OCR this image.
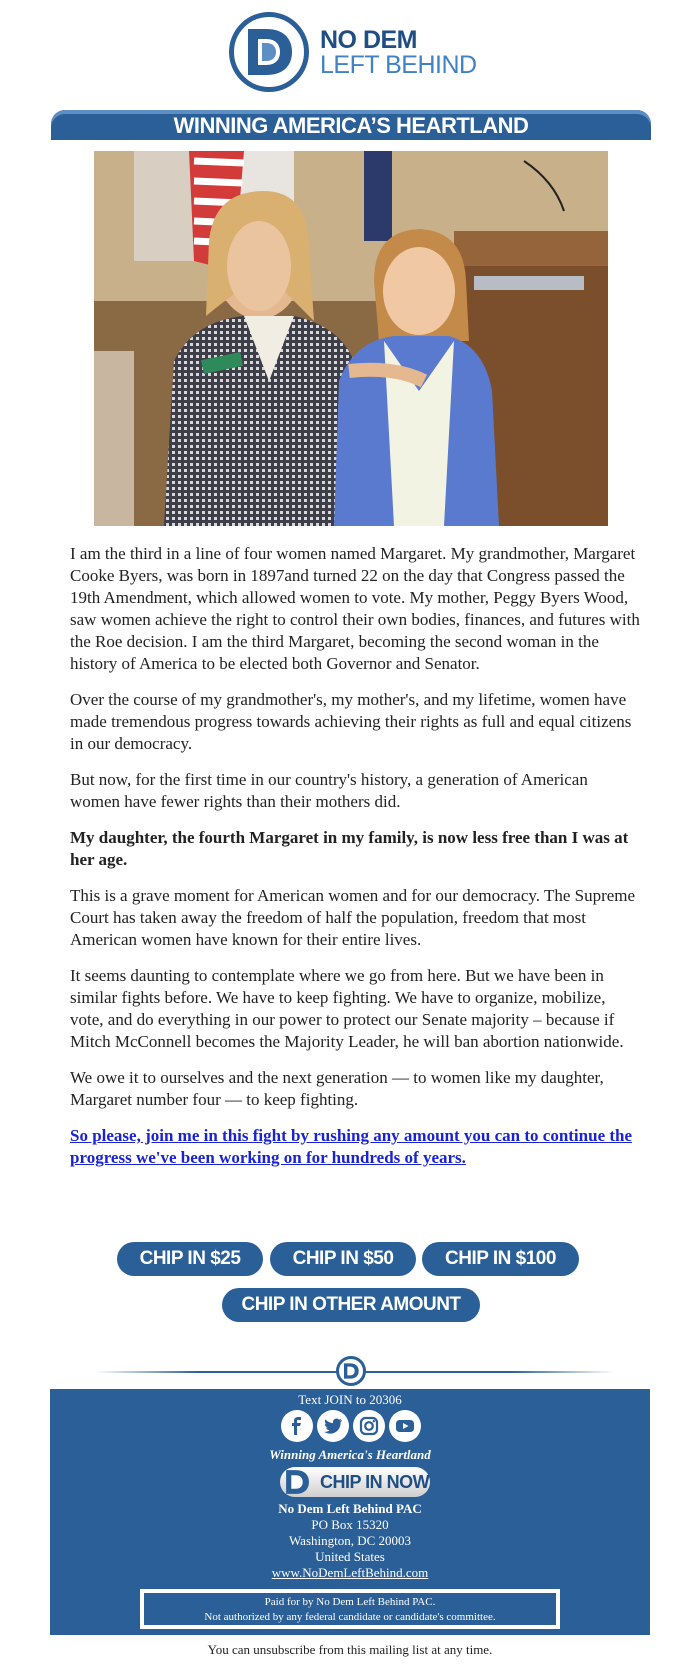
NO DEM
LEFT BEHIND
WINNING AMERICA’S HEARTLAND

I am the third in a line of four women named Margaret. My grandmother, Margaret Cooke Byers, was born in 1897and turned 22 on the day that Congress passed the 19th Amendment, which allowed women to vote. My mother, Peggy Byers Wood, saw women achieve the right to control their own bodies, finances, and futures with the Roe decision. I am the third Margaret, becoming the second woman in the history of America to be elected both Governor and Senator.

Over the course of my grandmother's, my mother's, and my lifetime, women have made tremendous progress towards achieving their rights as full and equal citizens in our democracy.

But now, for the first time in our country's history, a generation of American women have fewer rights than their mothers did.

My daughter, the fourth Margaret in my family, is now less free than I was at her age.

This is a grave moment for American women and for our democracy. The Supreme Court has taken away the freedom of half the population, freedom that most American women have known for their entire lives.

It seems daunting to contemplate where we go from here. But we have been in similar fights before. We have to keep fighting. We have to organize, mobilize, vote, and do everything in our power to protect our Senate majority – because if Mitch McConnell becomes the Majority Leader, he will ban abortion nationwide.

We owe it to ourselves and the next generation — to women like my daughter, Margaret number four — to keep fighting.

So please, join me in this fight by rushing any amount you can to continue the progress we've been working on for hundreds of years.
CHIP IN $25	CHIP IN $50	CHIP IN $100
CHIP IN OTHER AMOUNT
Text JOIN to 20306
Winning America's Heartland
CHIP IN NOW
No Dem Left Behind PAC
PO Box 15320
Washington, DC 20003
United States
www.NoDemLeftBehind.com
Paid for by No Dem Left Behind PAC.
Not authorized by any federal candidate or candidate's committee.
You can unsubscribe from this mailing list at any time.
